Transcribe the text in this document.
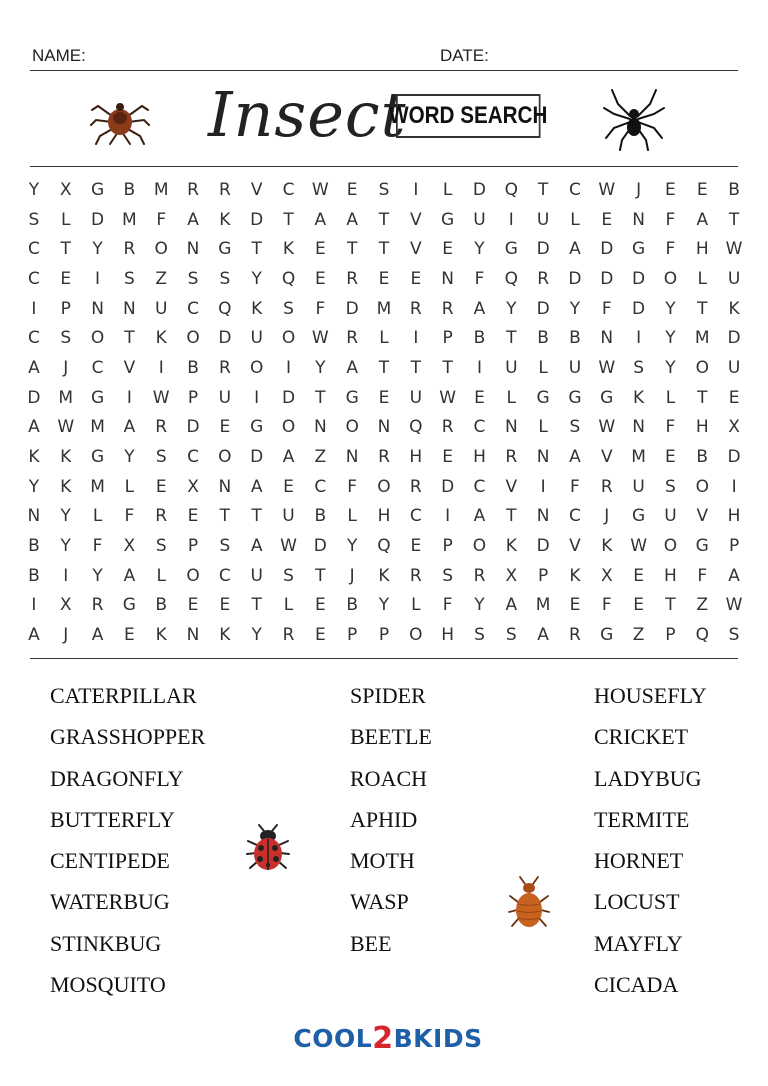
NAME:	DATE:
Insect
WORD SEARCH
Y	X	G	B	M	R	R	V	C	W	E	S	I	L	D	Q	T	C	W	J	E	E	B
S	L	D	M	F	A	K	D	T	A	A	T	V	G	U	I	U	L	E	N	F	A	T
C	T	Y	R	O	N	G	T	K	E	T	T	V	E	Y	G	D	A	D	G	F	H	W
C	E	I	S	Z	S	S	Y	Q	E	R	E	E	N	F	Q	R	D	D	D	O	L	U
I	P	N	N	U	C	Q	K	S	F	D	M	R	R	A	Y	D	Y	F	D	Y	T	K
C	S	O	T	K	O	D	U	O W	R	L	I	P	B	T	B	B	N	I	Y	M	D
A	J	C	V	I	B	R	O	I	Y	A	T	T	T	I	U	L	U	W	S	Y	O	U
D	M	G	I	W	P	U	I	D	T	G	E	U	W	E	L	G	G	G	K	L	T	E
A	W M	A	R	D	E	G	O	N	O	N	Q	R	C	N	L	S	W	N	F	H	X
K	K	G	Y	S	C	O	D	A	Z	N	R	H	E	H	R	N	A	V	M	E	B	D
Y	K	M	L	E	X	N	A	E	C	F	O	R	D	C	V	I	F	R	U	S	O	I
N	Y	L	F	R	E	T	T	U	B	L	H	C	I	A	T	N	C	J	G	U	V	H
B	Y	F	X	S	P	S	A	W D	Y	Q	E	P	O	K	D	V	K	W O	G	P
B	I	Y	A	L	O	C	U	S	T	J	K	R	S	R	X	P	K	X	E	H	F	A
I	X	R	G	B	E	E	T	L	E	B	Y	L	F	Y	A	M	E	F	E	T	Z	W
A	J	A	E	K	N	K	Y	R	E	P	P	O	H	S	S	A	R	G	Z	P	Q	S
CATERPILLAR
GRASSHOPPER
DRAGONFLY
BUTTERFLY
CENTIPEDE
WATERBUG
STINKBUG
MOSQUITO
SPIDER
BEETLE
ROACH
APHID
MOTH
WASP
BEE
HOUSEFLY
CRICKET
LADYBUG
TERMITE
HORNET
LOCUST
MAYFLY
CICADA
COOL 2 BKIDS
